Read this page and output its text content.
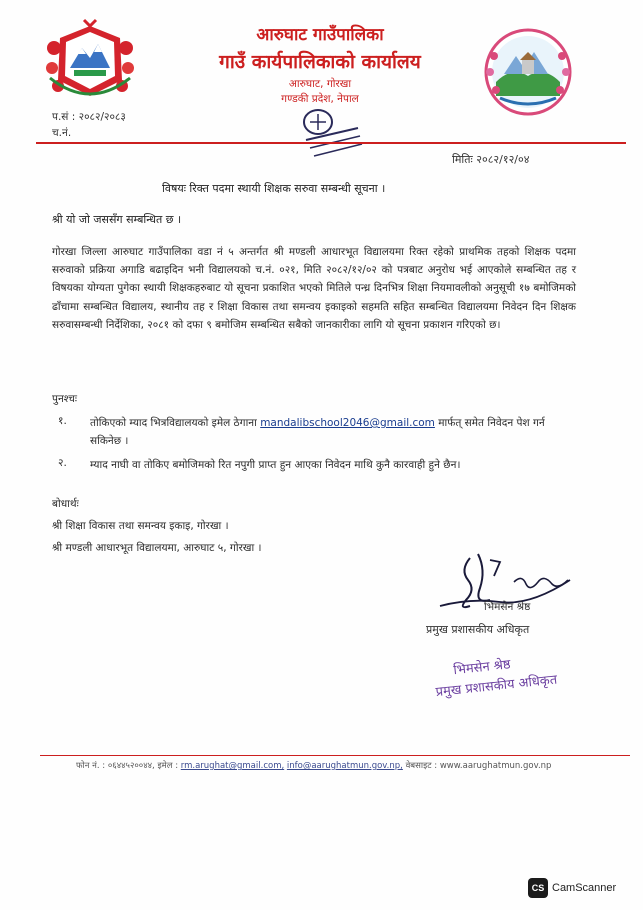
आरुघाट गाउँपालिका
गाउँ कार्यपालिकाको कार्यालय
आरुघाट, गोरखा
गण्डकी प्रदेश, नेपाल
प.सं : २०८२/२०८३
च.नं.
मितिः २०८२/१२/०४
विषयः रिक्त पदमा स्थायी शिक्षक सरुवा सम्बन्धी सूचना ।
श्री यो जो जससँग सम्बन्धित छ ।
गोरखा जिल्ला आरुघाट गाउँपालिका वडा नं ५ अन्तर्गत श्री मण्डली आधारभूत विद्यालयमा रिक्त रहेको प्राथमिक तहको शिक्षक पदमा सरुवाको प्रक्रिया अगाडि बढाइदिन भनी विद्यालयको च.नं. ०२१, मिति २०८२/१२/०२ को पत्रबाट अनुरोध भई आएकोले सम्बन्धित तह र विषयका योग्यता पुगेका स्थायी शिक्षकहरुबाट यो सूचना प्रकाशित भएको मितिले पन्ध्र दिनभित्र शिक्षा नियमावलीको अनुसूची १७ बमोजिमको ढाँचामा सम्बन्धित विद्यालय, स्थानीय तह र शिक्षा विकास तथा समन्वय इकाइको सहमति सहित सम्बन्धित विद्यालयमा निवेदन दिन शिक्षक सरुवासम्बन्धी निर्देशिका, २०८१ को दफा ९ बमोजिम सम्बन्धित सबैको जानकारीका लागि यो सूचना प्रकाशन गरिएको छ।
पुनश्चः
१. तोकिएको म्याद भित्रविद्यालयको इमेल ठेगाना mandalibschool2046@gmail.com मार्फत् समेत निवेदन पेश गर्न सकिनेछ ।
२. म्याद नाघी वा तोकिए बमोजिमको रित नपुगी प्राप्त हुन आएका निवेदन माथि कुनै कारवाही हुने छैन।
बोधार्थः
श्री शिक्षा विकास तथा समन्वय इकाइ, गोरखा ।
श्री मण्डली आधारभूत विद्यालयमा, आरुघाट ५, गोरखा ।
भिमसेन श्रेष्ठ
प्रमुख प्रशासकीय अधिकृत
भिमसेन श्रेष्ठ
प्रमुख प्रशासकीय अधिकृत
फोन नं. : ०६४४५२००४४, इमेल : rm.arughat@gmail.com, info@aarughatmun.gov.np, वेबसाइट : www.aarughatmun.gov.np
CS CamScanner
